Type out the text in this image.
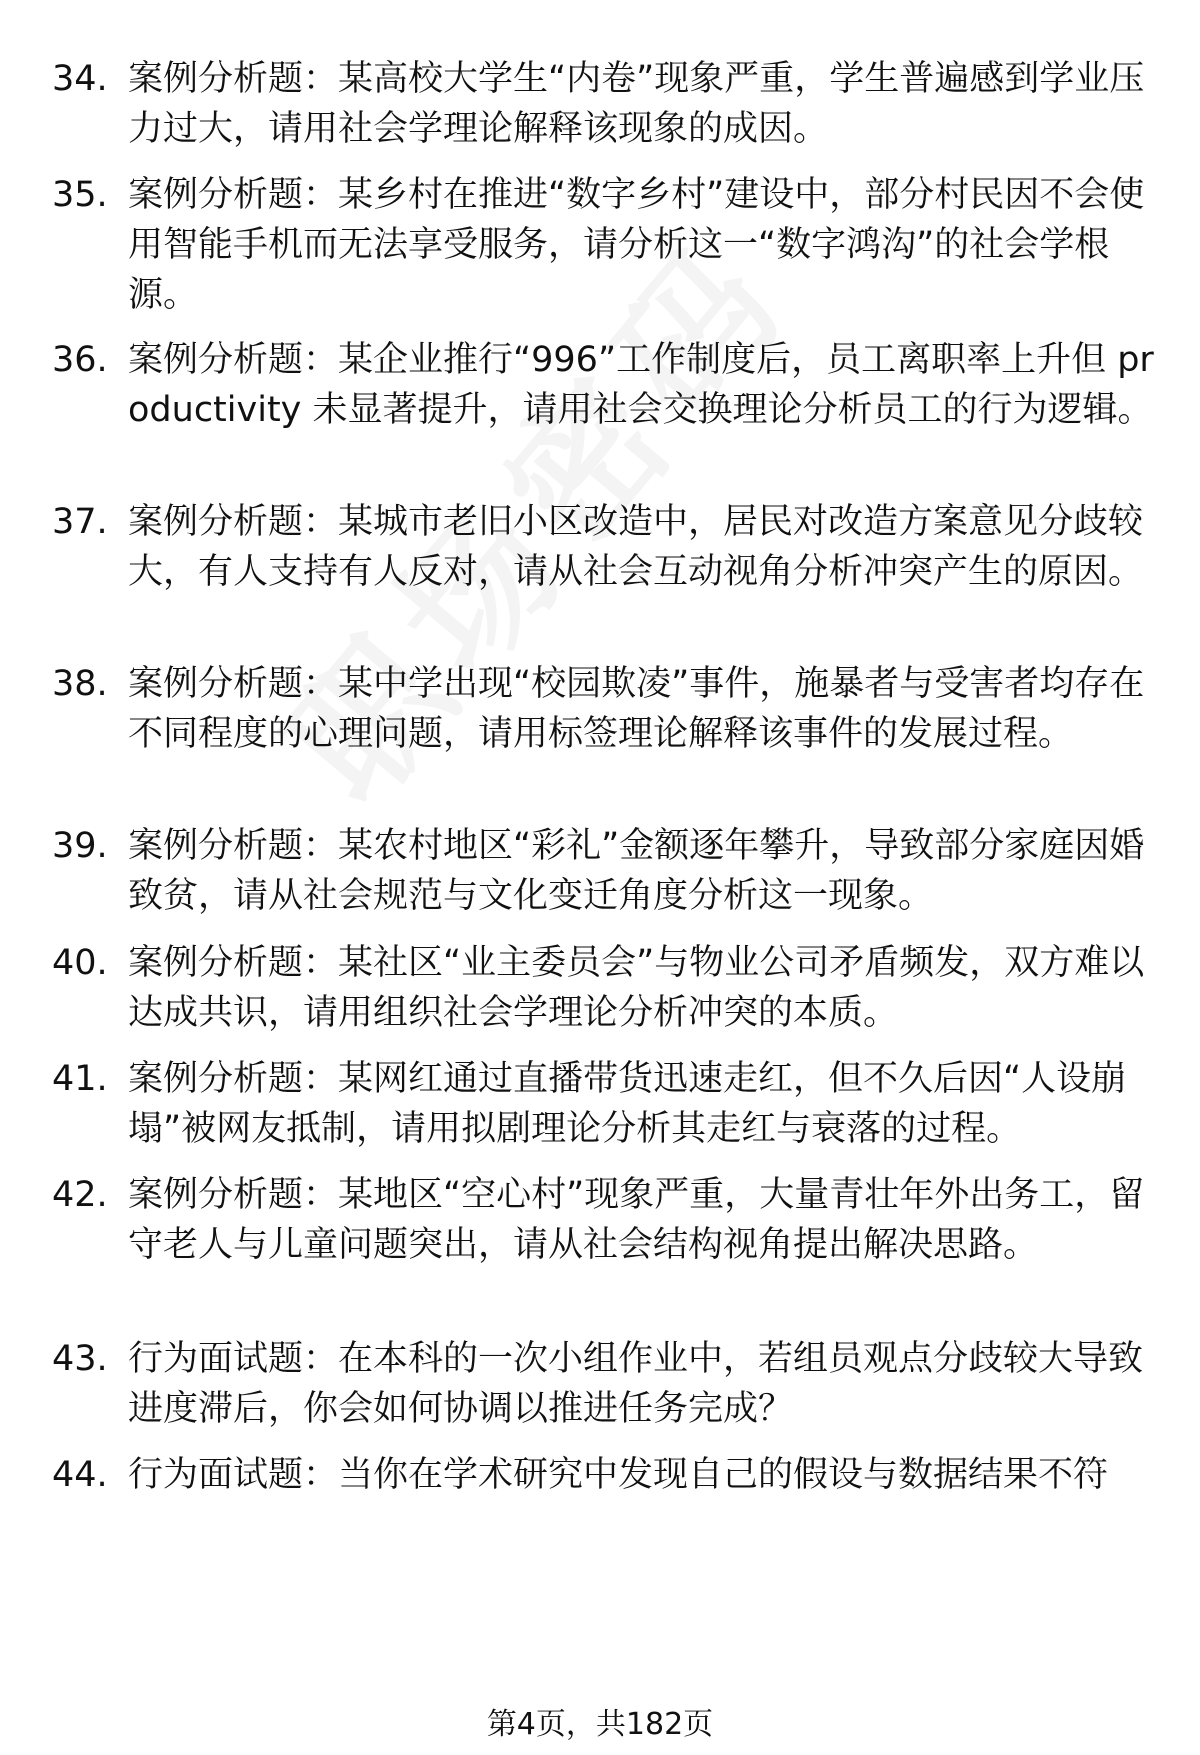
34. 案例分析题：某高校大学生“内卷”现象严重，学生普遍感到学业压力过大，请用社会学理论解释该现象的成因。
35. 案例分析题：某乡村在推进“数字乡村”建设中，部分村民因不会使用智能手机而无法享受服务，请分析这一“数字鸿沟”的社会学根源。
36. 案例分析题：某企业推行“996”工作制度后，员工离职率上升但 productivity 未显著提升，请用社会交换理论分析员工的行为逻辑。
37. 案例分析题：某城市老旧小区改造中，居民对改造方案意见分歧较大，有人支持有人反对，请从社会互动视角分析冲突产生的原因。
38. 案例分析题：某中学出现“校园欺凌”事件，施暴者与受害者均存在不同程度的心理问题，请用标签理论解释该事件的发展过程。
39. 案例分析题：某农村地区“彩礼”金额逐年攀升，导致部分家庭因婚致贫，请从社会规范与文化变迁角度分析这一现象。
40. 案例分析题：某社区“业主委员会”与物业公司矛盾频发，双方难以达成共识，请用组织社会学理论分析冲突的本质。
41. 案例分析题：某网红通过直播带货迅速走红，但不久后因“人设崩塌”被网友抵制，请用拟剧理论分析其走红与衰落的过程。
42. 案例分析题：某地区“空心村”现象严重，大量青壮年外出务工，留守老人与儿童问题突出，请从社会结构视角提出解决思路。
43. 行为面试题：在本科的一次小组作业中，若组员观点分歧较大导致进度滞后，你会如何协调以推进任务完成？
44. 行为面试题：当你在学术研究中发现自己的假设与数据结果不符
第4页，共182页
